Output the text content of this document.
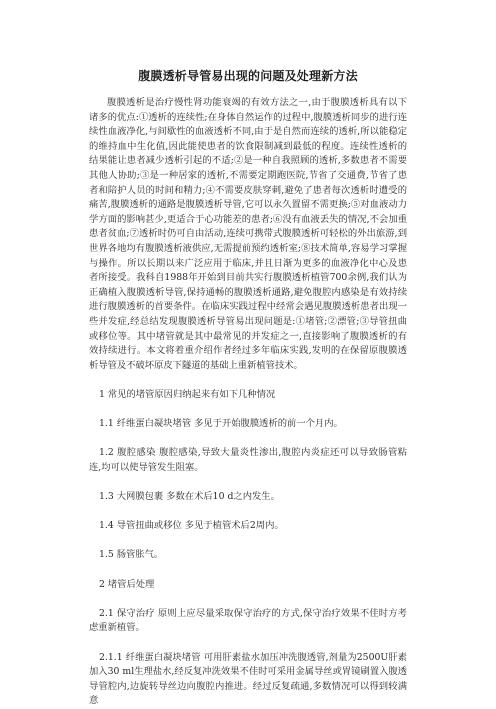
腹膜透析导管易出现的问题及处理新方法

腹膜透析是治疗慢性肾功能衰竭的有效方法之一,由于腹膜透析具有以下诸多的优点:①透析的连续性;在身体自然运作的过程中,腹膜透析同步的进行连续性血液净化,与间歇性的血液透析不同,由于是自然而连续的透析,所以能稳定的维持血中生化值,因此能使患者的饮食限制减到最低的程度。连续性透析的结果能让患者减少透析引起的不适;②是一种自我照顾的透析,多数患者不需要其他人协助;③是一种居家的透析,不需要定期跑医院,节省了交通费,节省了患者和陪护人员的时间和精力;④不需要皮肤穿刺,避免了患者每次透析时遭受的痛苦,腹膜透析的通路是腹膜透析导管,它可以永久置留不需更换;⑤对血液动力学方面的影响甚少,更适合于心功能差的患者;⑥没有血液丢失的情况,不会加重患者贫血;⑦透析时仍可自由活动,连续可携带式腹膜透析可轻松的外出旅游,到世界各地均有腹膜透析液供应,无需提前预约透析室;⑧技术简单,容易学习掌握与操作。所以长期以来广泛应用于临床,并且日渐为更多的血液净化中心及患者所接受。我科自1988年开始到目前共实行腹膜透析植管700余例,我们认为正确植入腹膜透析导管,保持通畅的腹膜透析通路,避免腹腔内感染是有效持续进行腹膜透析的首要条件。在临床实践过程中经常会遇见腹膜透析患者出现一些并发症,经总结发现腹膜透析导管易出现问题是:①堵管;②漂管;③导管扭曲或移位等。其中堵管就是其中最常见的并发症之一,直接影响了腹膜透析的有效持续进行。本文将着重介绍作者经过多年临床实践,发明的在保留原腹膜透析导管及不破坏原皮下隧道的基础上重新植管技术。

1 常见的堵管原因归纳起来有如下几种情况

1.1 纤维蛋白凝块堵管 多见于开始腹膜透析的前一个月内。

1.2 腹腔感染 腹腔感染,导致大量炎性渗出,腹腔内炎症还可以导致肠管粘连,均可以使导管发生阻塞。

1.3 大网膜包裹 多数在术后10 d之内发生。

1.4 导管扭曲或移位 多见于植管术后2周内。

1.5 肠管胀气。

2 堵管后处理

2.1 保守治疗 原则上应尽量采取保守治疗的方式,保守治疗效果不佳时方考虑重新植管。

2.1.1 纤维蛋白凝块堵管 可用肝素盐水加压冲洗腹透管,剂量为2500U肝素加入30 ml生理盐水,经反复冲洗效果不佳时可采用金属导丝或胃镜刷置入腹透导管腔内,边旋转导丝边向腹腔内推进。经过反复疏通,多数情况可以得到较满意
